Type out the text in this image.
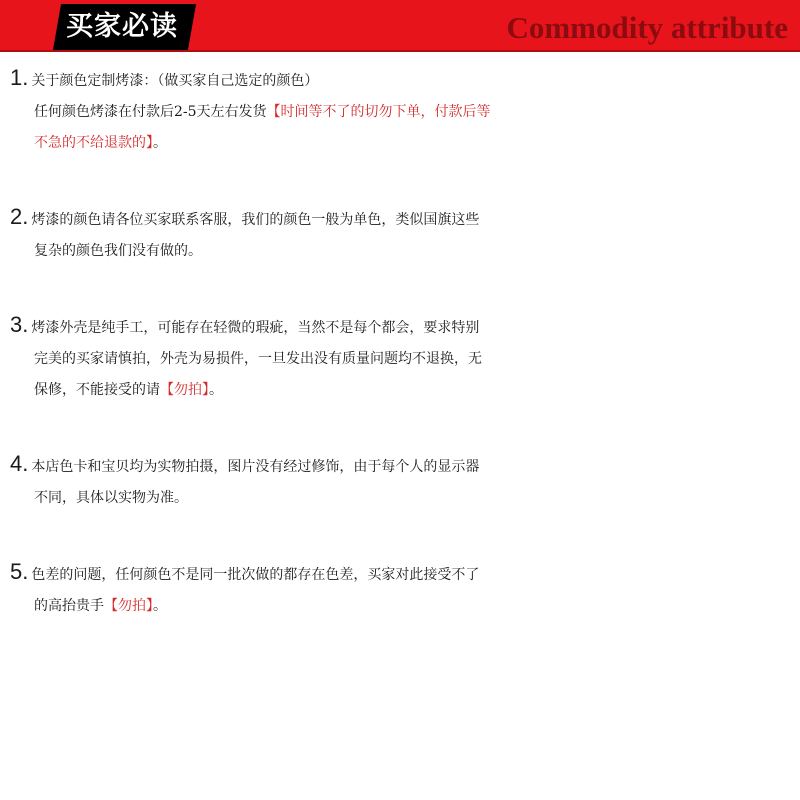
买家必读	Commodity attribute
1. 关于颜色定制烤漆：（做买家自己选定的颜色）
任何颜色烤漆在付款后2-5天左右发货【时间等不了的切勿下单，付款后等
不急的不给退款的】。
2. 烤漆的颜色请各位买家联系客服，我们的颜色一般为单色，类似国旗这些
复杂的颜色我们没有做的。
3. 烤漆外壳是纯手工，可能存在轻微的瑕疵，当然不是每个都会，要求特别
完美的买家请慎拍，外壳为易损件，一旦发出没有质量问题均不退换，无
保修，不能接受的请【勿拍】。
4. 本店色卡和宝贝均为实物拍摄，图片没有经过修饰，由于每个人的显示器
不同，具体以实物为准。
5. 色差的问题，任何颜色不是同一批次做的都存在色差，买家对此接受不了
的高抬贵手【勿拍】。
